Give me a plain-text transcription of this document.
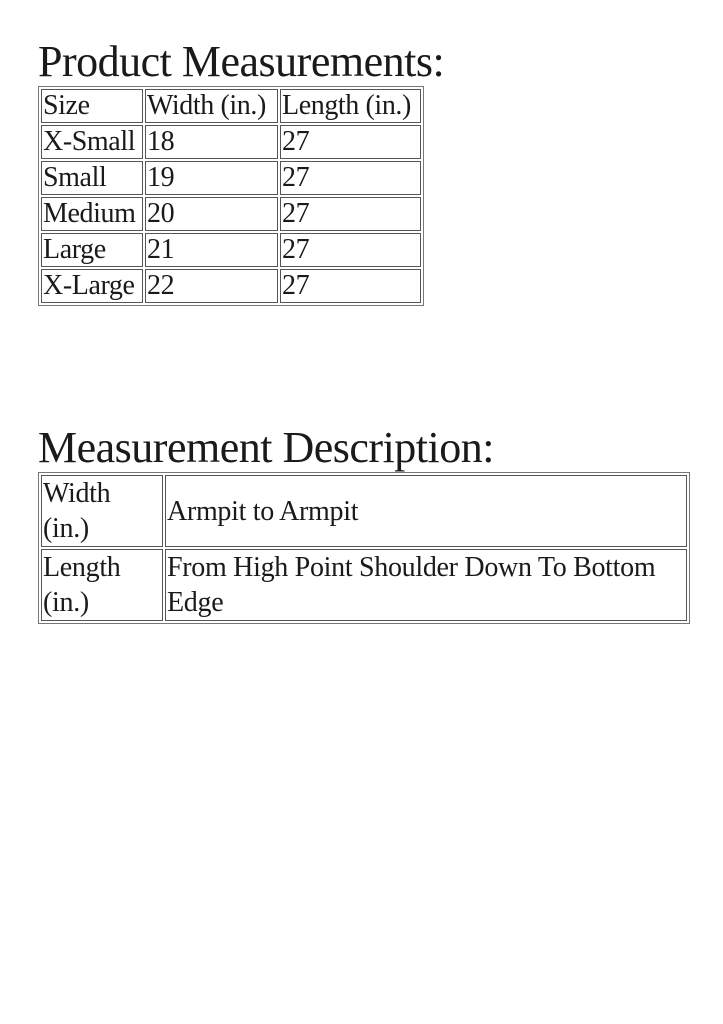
Product Measurements:
Size	Width (in.)	Length (in.)
X-Small	18	27
Small	19	27
Medium	20	27
Large	21	27
X-Large	22	27
Measurement Description:
Width (in.)	Armpit to Armpit
Length (in.)	From High Point Shoulder Down To Bottom Edge
